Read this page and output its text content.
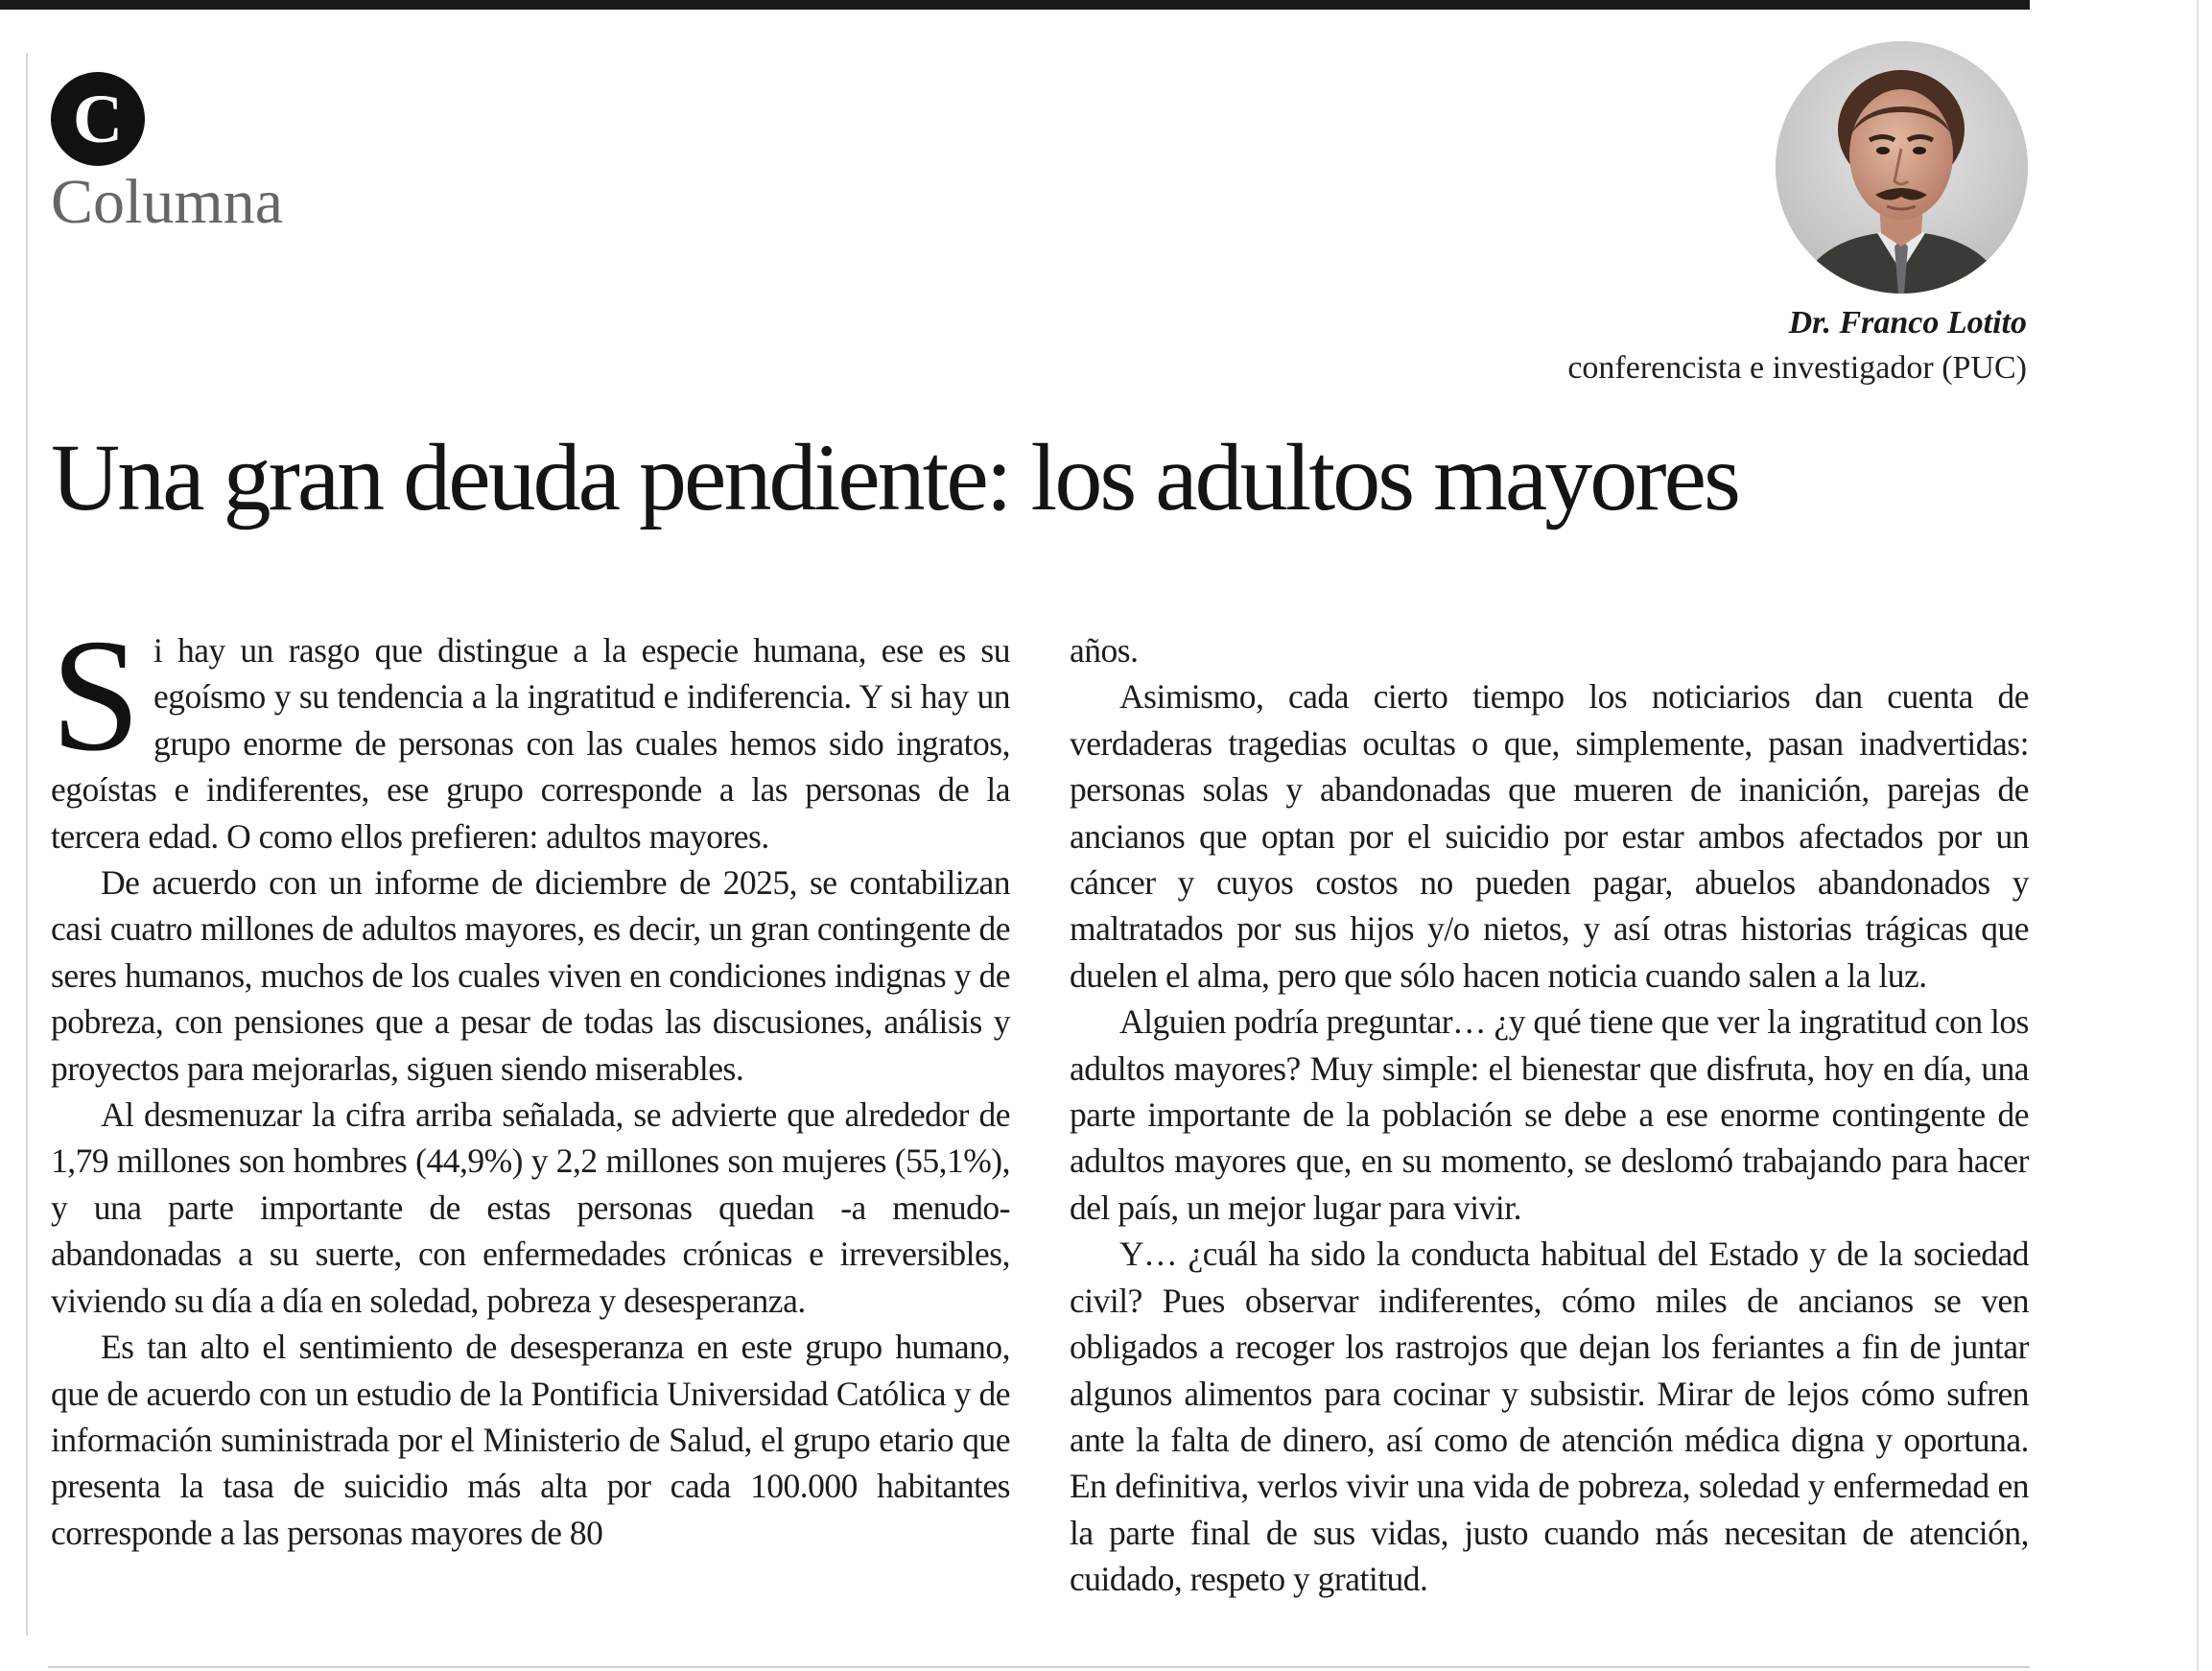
C
Columna
Dr. Franco Lotito
conferencista e investigador (PUC)
Una gran deuda pendiente: los adultos mayores

Si hay un rasgo que distingue a la especie humana, ese es su egoísmo y su tendencia a la ingratitud e indiferencia. Y si hay un grupo enorme de personas con las cuales hemos sido ingratos, egoístas e indiferentes, ese grupo corresponde a las personas de la tercera edad. O como ellos prefieren: adultos mayores.

De acuerdo con un informe de diciembre de 2025, se contabilizan casi cuatro millones de adultos mayores, es decir, un gran contingente de seres humanos, muchos de los cuales viven en condiciones indignas y de pobreza, con pensiones que a pesar de todas las discusiones, análisis y proyectos para mejorarlas, siguen siendo miserables.

Al desmenuzar la cifra arriba señalada, se advierte que alrededor de 1,79 millones son hombres (44,9%) y 2,2 millones son mujeres (55,1%), y una parte importante de estas personas quedan -a menudo- abandonadas a su suerte, con enfermedades crónicas e irreversibles, viviendo su día a día en soledad, pobreza y desesperanza.

Es tan alto el sentimiento de desesperanza en este grupo humano, que de acuerdo con un estudio de la Pontificia Universidad Católica y de información suministrada por el Ministerio de Salud, el grupo etario que presenta la tasa de suicidio más alta por cada 100.000 habitantes corresponde a las personas mayores de 80

años.

Asimismo, cada cierto tiempo los noticiarios dan cuenta de verdaderas tragedias ocultas o que, simplemente, pasan inadvertidas: personas solas y abandonadas que mueren de inanición, parejas de ancianos que optan por el suicidio por estar ambos afectados por un cáncer y cuyos costos no pueden pagar, abuelos abandonados y maltratados por sus hijos y/o nietos, y así otras historias trágicas que duelen el alma, pero que sólo hacen noticia cuando salen a la luz.

Alguien podría preguntar… ¿y qué tiene que ver la ingratitud con los adultos mayores? Muy simple: el bienestar que disfruta, hoy en día, una parte importante de la población se debe a ese enorme contingente de adultos mayores que, en su momento, se deslomó trabajando para hacer del país, un mejor lugar para vivir.

Y… ¿cuál ha sido la conducta habitual del Estado y de la sociedad civil? Pues observar indiferentes, cómo miles de ancianos se ven obligados a recoger los rastrojos que dejan los feriantes a fin de juntar algunos alimentos para cocinar y subsistir. Mirar de lejos cómo sufren ante la falta de dinero, así como de atención médica digna y oportuna. En definitiva, verlos vivir una vida de pobreza, soledad y enfermedad en la parte final de sus vidas, justo cuando más necesitan de atención, cuidado, respeto y gratitud.
